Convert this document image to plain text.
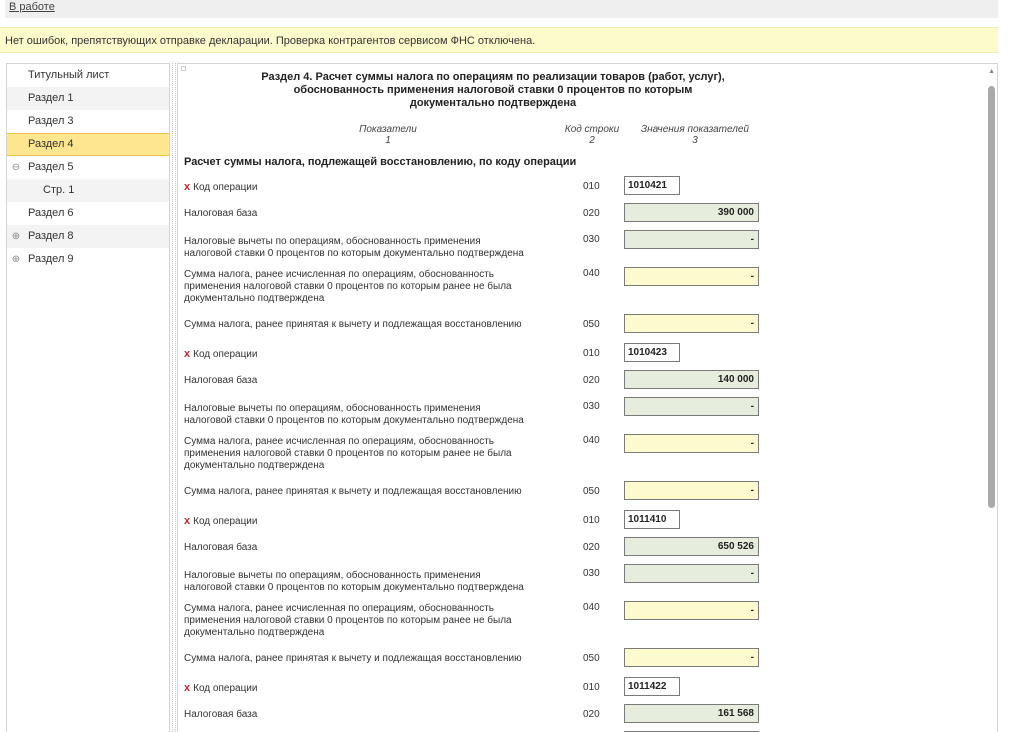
В работе
Нет ошибок, препятствующих отправке декларации. Проверка контрагентов сервисом ФНС отключена.
Титульный лист
Раздел 1
Раздел 3
Раздел 4
⊖ Раздел 5
Стр. 1
Раздел 6
⊕ Раздел 8
⊕ Раздел 9
Раздел 4. Расчет суммы налога по операциям по реализации товаров (работ, услуг),
обоснованность применения налоговой ставки 0 процентов по которым
документально подтверждена
Показатели
1
Код строки
2
Значения показателей
3
Расчет суммы налога, подлежащей восстановлению, по коду операции
x Код операции	010	1010421
Налоговая база	020	390 000
Налоговые вычеты по операциям, обоснованность применения
налоговой ставки 0 процентов по которым документально подтверждена
030	-
Сумма налога, ранее исчисленная по операциям, обоснованность
применения налоговой ставки 0 процентов по которым ранее не была
документально подтверждена
040	-
Сумма налога, ранее принятая к вычету и подлежащая восстановлению	050	-
x Код операции	010	1010423
Налоговая база	020	140 000
Налоговые вычеты по операциям, обоснованность применения
налоговой ставки 0 процентов по которым документально подтверждена
030	-
Сумма налога, ранее исчисленная по операциям, обоснованность
применения налоговой ставки 0 процентов по которым ранее не была
документально подтверждена
040	-
Сумма налога, ранее принятая к вычету и подлежащая восстановлению	050	-
x Код операции	010	1011410
Налоговая база	020	650 526
Налоговые вычеты по операциям, обоснованность применения
налоговой ставки 0 процентов по которым документально подтверждена
030	-
Сумма налога, ранее исчисленная по операциям, обоснованность
применения налоговой ставки 0 процентов по которым ранее не была
документально подтверждена
040	-
Сумма налога, ранее принятая к вычету и подлежащая восстановлению	050	-
x Код операции	010	1011422
Налоговая база	020	161 568
▲
